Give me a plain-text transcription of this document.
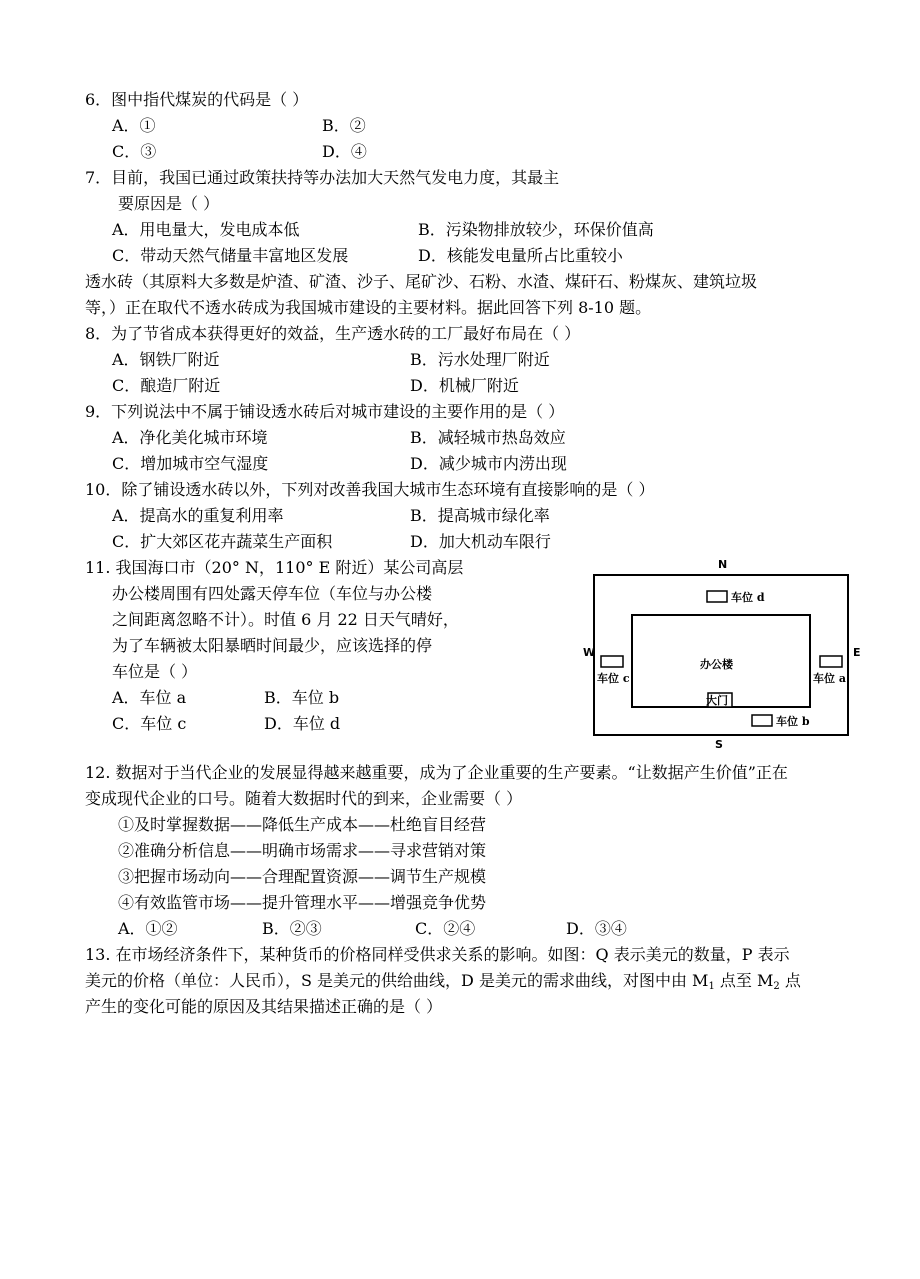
6．图中指代煤炭的代码是（ ）
A．①	B．②
C．③	D．④
7．目前，我国已通过政策扶持等办法加大天然气发电力度，其最主
要原因是（ ）
A．用电量大，发电成本低	B．污染物排放较少，环保价值高
C．带动天然气储量丰富地区发展	D．核能发电量所占比重较小
透水砖（其原料大多数是炉渣、矿渣、沙子、尾矿沙、石粉、水渣、煤矸石、粉煤灰、建筑垃圾
等，）正在取代不透水砖成为我国城市建设的主要材料。据此回答下列 8-10 题。
8．为了节省成本获得更好的效益，生产透水砖的工厂最好布局在（ ）
A．钢铁厂附近	B．污水处理厂附近
C．酿造厂附近	D．机械厂附近
9．下列说法中不属于铺设透水砖后对城市建设的主要作用的是（ ）
A．净化美化城市环境	B．减轻城市热岛效应
C．增加城市空气湿度	D．减少城市内涝出现
10．除了铺设透水砖以外，下列对改善我国大城市生态环境有直接影响的是（ ）
A．提高水的重复利用率	B．提高城市绿化率
C．扩大郊区花卉蔬菜生产面积	D．加大机动车限行
11. 我国海口市（20° N，110° E 附近）某公司高层
办公楼周围有四处露天停车位（车位与办公楼
之间距离忽略不计）。时值 6 月 22 日天气晴好，
为了车辆被太阳暴晒时间最少，应该选择的停
车位是（ ）
A．车位 a	B．车位 b
C．车位 c	D．车位 d
N
S
W	E
办公楼
大门
车位 d
车位 c	车位 a
车位 b
12. 数据对于当代企业的发展显得越来越重要，成为了企业重要的生产要素。“让数据产生价值”正在
变成现代企业的口号。随着大数据时代的到来，企业需要（ ）
①及时掌握数据——降低生产成本——杜绝盲目经营
②准确分析信息——明确市场需求——寻求营销对策
③把握市场动向——合理配置资源——调节生产规模
④有效监管市场——提升管理水平——增强竞争优势
A．①②	B．②③	C．②④	D．③④
13. 在市场经济条件下，某种货币的价格同样受供求关系的影响。如图：Q 表示美元的数量，P 表示
美元的价格（单位：人民币），S 是美元的供给曲线，D 是美元的需求曲线，对图中由 $M_1$ 点至 $M_2$ 点
产生的变化可能的原因及其结果描述正确的是（ ）
